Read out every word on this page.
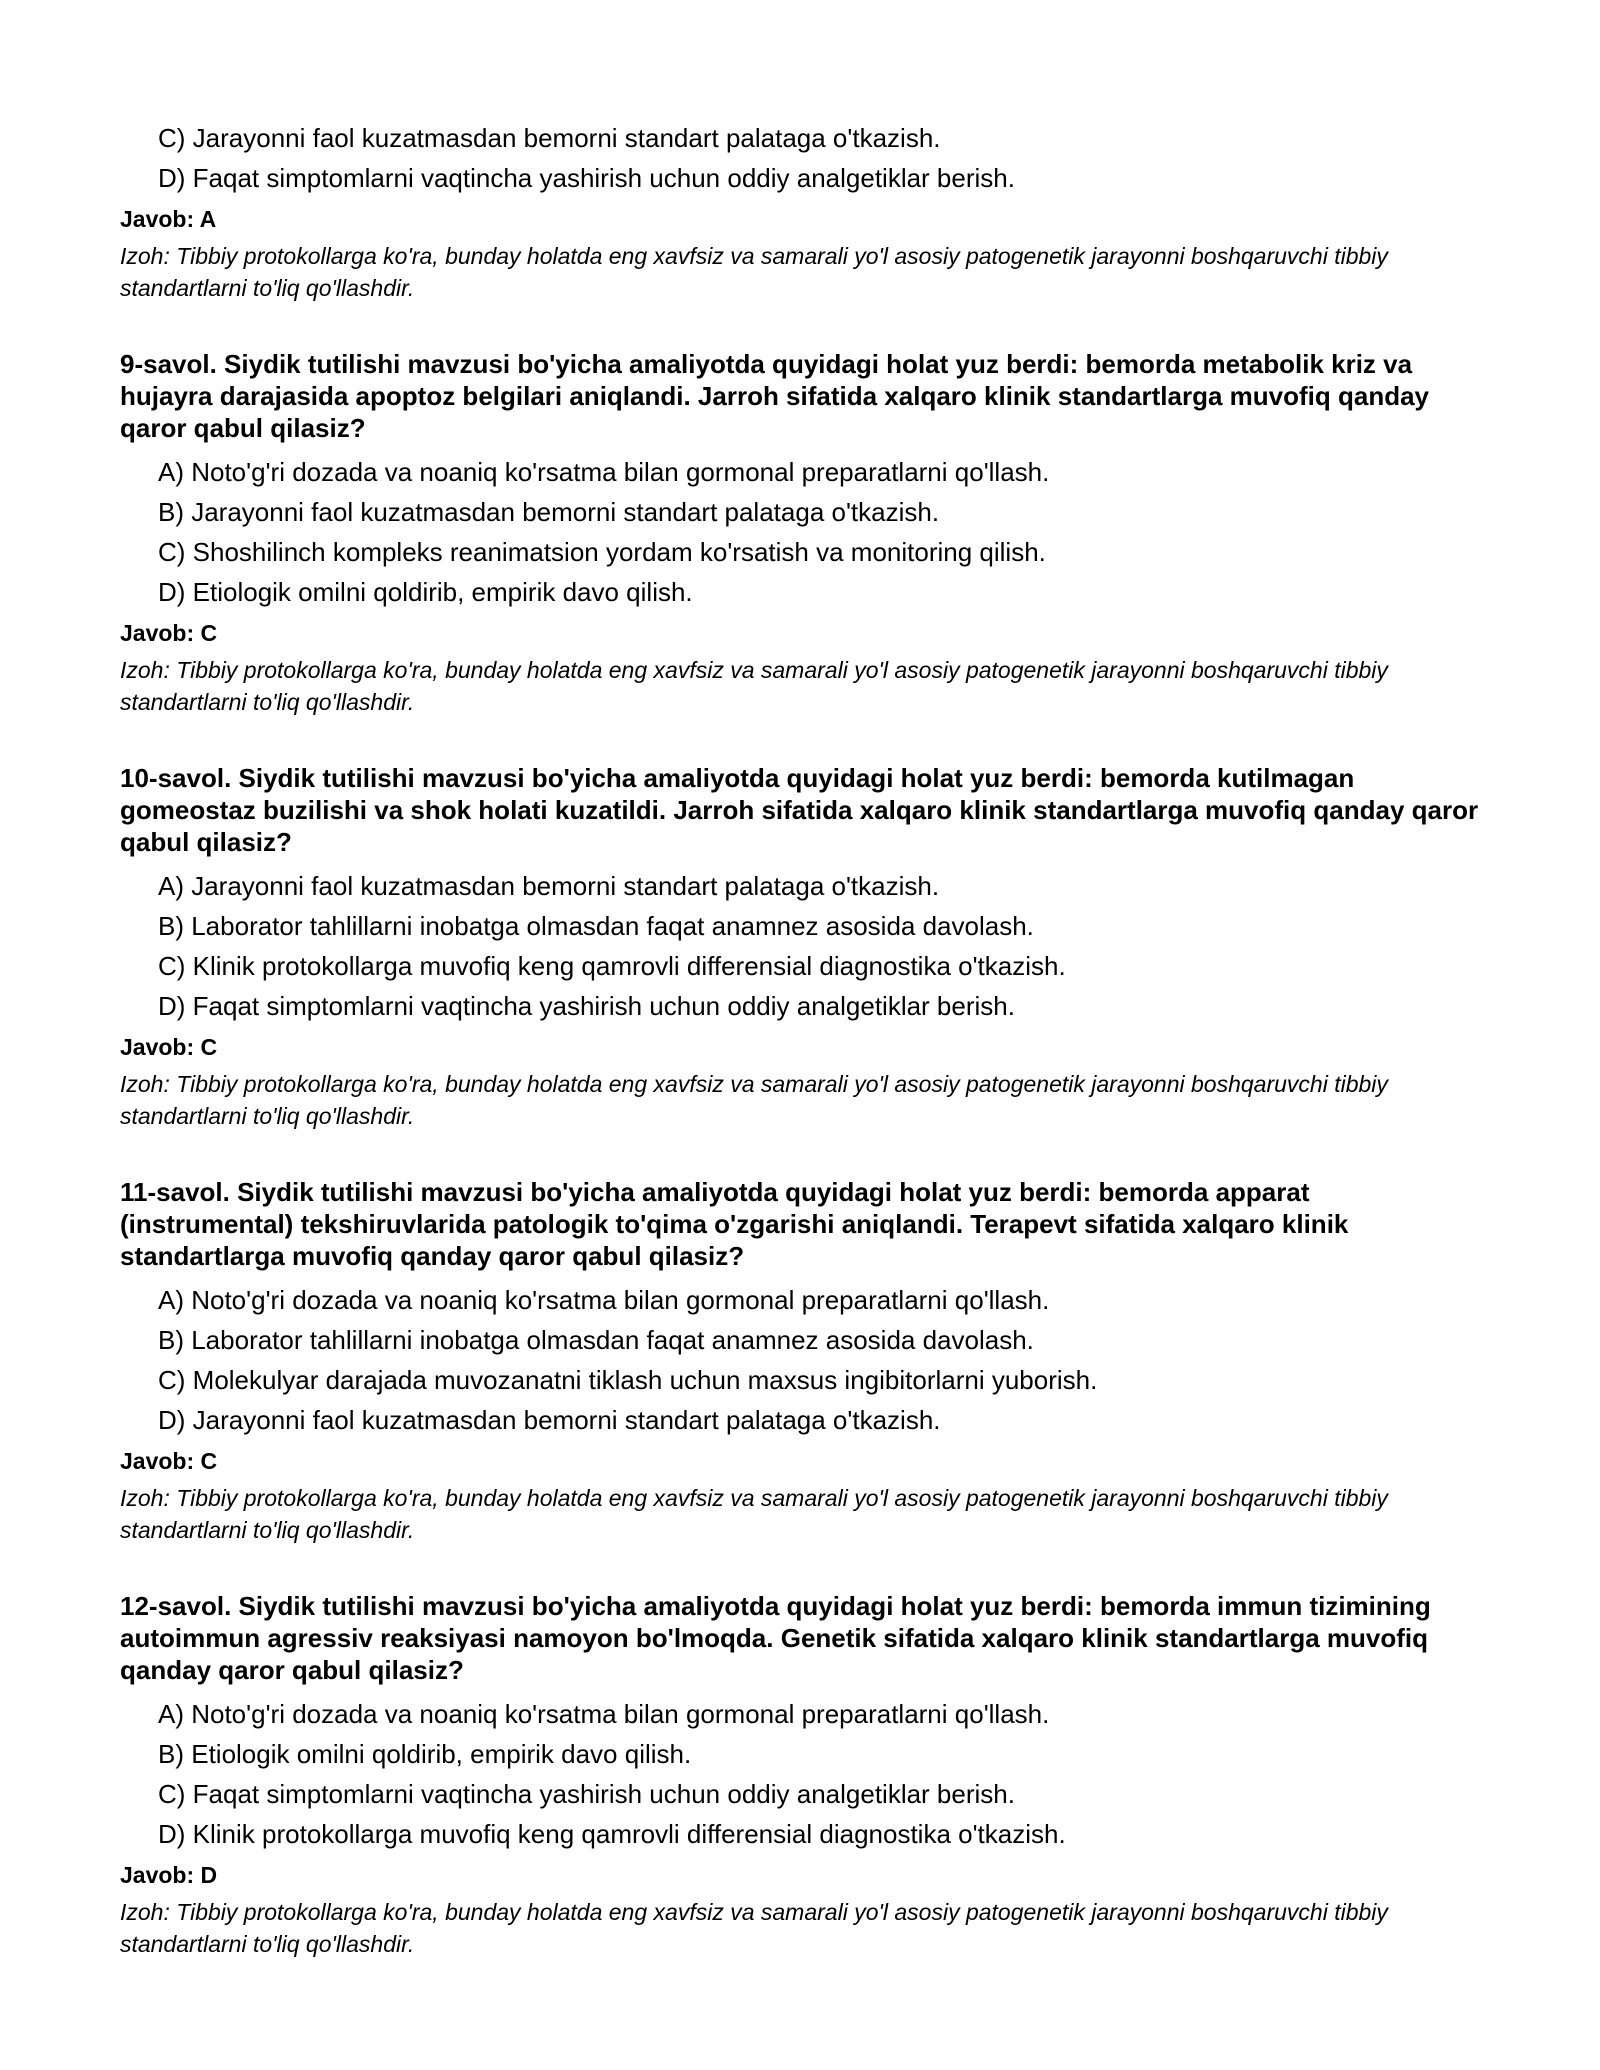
C) Jarayonni faol kuzatmasdan bemorni standart palataga o'tkazish.

D) Faqat simptomlarni vaqtincha yashirish uchun oddiy analgetiklar berish.

Javob: A

Izoh: Tibbiy protokollarga ko'ra, bunday holatda eng xavfsiz va samarali yo'l asosiy patogenetik jarayonni boshqaruvchi tibbiy standartlarni to'liq qo'llashdir.

9-savol. Siydik tutilishi mavzusi bo'yicha amaliyotda quyidagi holat yuz berdi: bemorda metabolik kriz va hujayra darajasida apoptoz belgilari aniqlandi. Jarroh sifatida xalqaro klinik standartlarga muvofiq qanday qaror qabul qilasiz?

A) Noto'g'ri dozada va noaniq ko'rsatma bilan gormonal preparatlarni qo'llash.

B) Jarayonni faol kuzatmasdan bemorni standart palataga o'tkazish.

C) Shoshilinch kompleks reanimatsion yordam ko'rsatish va monitoring qilish.

D) Etiologik omilni qoldirib, empirik davo qilish.

Javob: C

Izoh: Tibbiy protokollarga ko'ra, bunday holatda eng xavfsiz va samarali yo'l asosiy patogenetik jarayonni boshqaruvchi tibbiy standartlarni to'liq qo'llashdir.

10-savol. Siydik tutilishi mavzusi bo'yicha amaliyotda quyidagi holat yuz berdi: bemorda kutilmagan gomeostaz buzilishi va shok holati kuzatildi. Jarroh sifatida xalqaro klinik standartlarga muvofiq qanday qaror qabul qilasiz?

A) Jarayonni faol kuzatmasdan bemorni standart palataga o'tkazish.

B) Laborator tahlillarni inobatga olmasdan faqat anamnez asosida davolash.

C) Klinik protokollarga muvofiq keng qamrovli differensial diagnostika o'tkazish.

D) Faqat simptomlarni vaqtincha yashirish uchun oddiy analgetiklar berish.

Javob: C

Izoh: Tibbiy protokollarga ko'ra, bunday holatda eng xavfsiz va samarali yo'l asosiy patogenetik jarayonni boshqaruvchi tibbiy standartlarni to'liq qo'llashdir.

11-savol. Siydik tutilishi mavzusi bo'yicha amaliyotda quyidagi holat yuz berdi: bemorda apparat (instrumental) tekshiruvlarida patologik to'qima o'zgarishi aniqlandi. Terapevt sifatida xalqaro klinik standartlarga muvofiq qanday qaror qabul qilasiz?

A) Noto'g'ri dozada va noaniq ko'rsatma bilan gormonal preparatlarni qo'llash.

B) Laborator tahlillarni inobatga olmasdan faqat anamnez asosida davolash.

C) Molekulyar darajada muvozanatni tiklash uchun maxsus ingibitorlarni yuborish.

D) Jarayonni faol kuzatmasdan bemorni standart palataga o'tkazish.

Javob: C

Izoh: Tibbiy protokollarga ko'ra, bunday holatda eng xavfsiz va samarali yo'l asosiy patogenetik jarayonni boshqaruvchi tibbiy standartlarni to'liq qo'llashdir.

12-savol. Siydik tutilishi mavzusi bo'yicha amaliyotda quyidagi holat yuz berdi: bemorda immun tizimining autoimmun agressiv reaksiyasi namoyon bo'lmoqda. Genetik sifatida xalqaro klinik standartlarga muvofiq qanday qaror qabul qilasiz?

A) Noto'g'ri dozada va noaniq ko'rsatma bilan gormonal preparatlarni qo'llash.

B) Etiologik omilni qoldirib, empirik davo qilish.

C) Faqat simptomlarni vaqtincha yashirish uchun oddiy analgetiklar berish.

D) Klinik protokollarga muvofiq keng qamrovli differensial diagnostika o'tkazish.

Javob: D

Izoh: Tibbiy protokollarga ko'ra, bunday holatda eng xavfsiz va samarali yo'l asosiy patogenetik jarayonni boshqaruvchi tibbiy standartlarni to'liq qo'llashdir.
